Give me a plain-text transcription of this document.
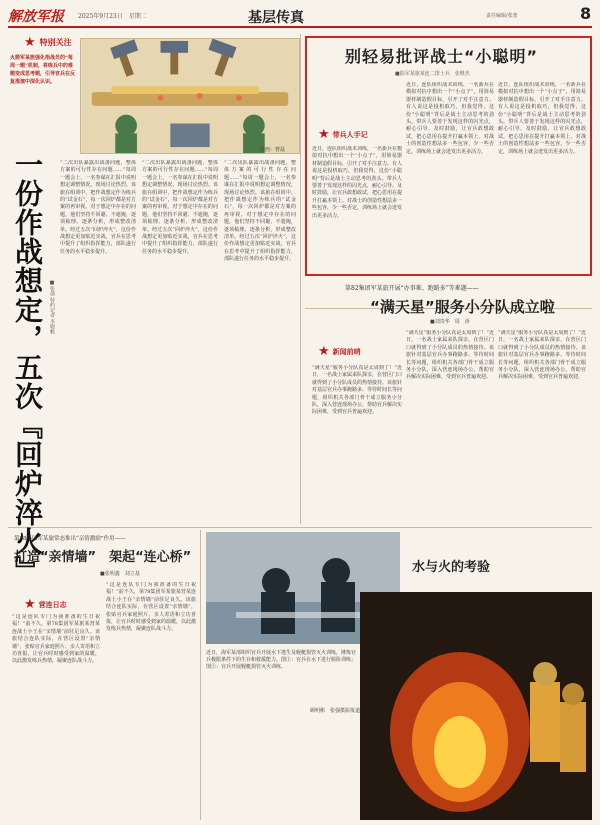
解放军报 2025年9月23日　星期二	基层传真	责任编辑/张蕾	8
★ 特别关注
火箭军某旅强化指战员的“每周一题”机制，将练兵中的难题变成思考题，引导官兵在反复推演中深化认识。
漫画：曹磊
一份作战想定，五次『回炉淬火』	■张倩 特约记者 李晓帆
“二次出队暴露出战备问题，整体方案的可行性存在问题……”每周一题会上，一名参谋在汇报中说明想定调整情况，现场讨论热烈。该旅在组训中，把作战想定作为练兵的“试金石”，每一次回炉都是对方案的再审视。对于想定中存在的问题，他们坚持不回避、不遮掩，逐项梳理、逐条分析，形成整改清单。经过五次“回炉淬火”，这份作战想定更加贴近实战，官兵在思考中提升了组织指挥能力，部队遂行任务的水平稳步提升。
“二次出队暴露出战备问题，整体方案的可行性存在问题……”每周一题会上，一名参谋在汇报中说明想定调整情况，现场讨论热烈。该旅在组训中，把作战想定作为练兵的“试金石”，每一次回炉都是对方案的再审视。对于想定中存在的问题，他们坚持不回避、不遮掩，逐项梳理、逐条分析，形成整改清单。经过五次“回炉淬火”，这份作战想定更加贴近实战，官兵在思考中提升了组织指挥能力，部队遂行任务的水平稳步提升。
“二次出队暴露出战备问题，整体方案的可行性存在问题……”每周一题会上，一名参谋在汇报中说明想定调整情况，现场讨论热烈。该旅在组训中，把作战想定作为练兵的“试金石”，每一次回炉都是对方案的再审视。对于想定中存在的问题，他们坚持不回避、不遮掩，逐项梳理、逐条分析，形成整改清单。经过五次“回炉淬火”，这份作战想定更加贴近实战，官兵在思考中提升了组织指挥能力，部队遂行任务的水平稳步提升。
别轻易批评战士“小聪明”
■陆军某旅某连二排士兵　张继杰
★ 带兵人手记
近日，连队组织战术训练，一名新兵在模拟对抗中想出一个“小点子”，用简易器材制造假目标，引开了对手注意力。有人说这是投机取巧，但我觉得，这份“小聪明”背后是战士主动思考的劲头。带兵人要善于发现这样的闪光点，耐心引导、及时鼓励，让官兵敢想敢试，把心思用在提升打赢本领上。对战士的创造性想法多一些包容，少一些否定，训练场上就会迸发出更多活力。
近日，连队组织战术训练，一名新兵在模拟对抗中想出一个“小点子”，用简易器材制造假目标，引开了对手注意力。有人说这是投机取巧，但我觉得，这份“小聪明”背后是战士主动思考的劲头。带兵人要善于发现这样的闪光点，耐心引导、及时鼓励，让官兵敢想敢试，把心思用在提升打赢本领上。对战士的创造性想法多一些包容，少一些否定，训练场上就会迸发出更多活力。
近日，连队组织战术训练，一名新兵在模拟对抗中想出一个“小点子”，用简易器材制造假目标，引开了对手注意力。有人说这是投机取巧，但我觉得，这份“小聪明”背后是战士主动思考的劲头。带兵人要善于发现这样的闪光点，耐心引导、及时鼓励，让官兵敢想敢试，把心思用在提升打赢本领上。对战士的创造性想法多一些包容，少一些否定，训练场上就会迸发出更多活力。
第82集团军某旅开展“办事难、跑路多”等难题——
“满天星”服务小分队成立啦
■刘贵华　周　涛
★ 新闻前哨
“满天星”服务小分队真是太周到了！”近日，一名战士家属来队探亲，在营区门口就得到了小分队成员的热情接待。该旅针对基层官兵办事跑路多、等待时间长等问题，组织机关各部门骨干成立服务小分队，深入营连现场办公，帮助官兵解决实际困难，受到官兵普遍欢迎。
“满天星”服务小分队真是太周到了！”近日，一名战士家属来队探亲，在营区门口就得到了小分队成员的热情接待。该旅针对基层官兵办事跑路多、等待时间长等问题，组织机关各部门骨干成立服务小分队，深入营连现场办公，帮助官兵解决实际困难，受到官兵普遍欢迎。
“满天星”服务小分队真是太周到了！”近日，一名战士家属来队探亲，在营区门口就得到了小分队成员的热情接待。该旅针对基层官兵办事跑路多、等待时间长等问题，组织机关各部门骨干成立服务小分队，深入营连现场办公，帮助官兵解决实际困难，受到官兵普遍欢迎。
第78集团军某旅常态推出“亲情激励”作用——
打造“亲情墙”　架起“连心桥”
■张明鑫　刘立基
★ 营连日志
“这是连队专门为我准备的生日祝福！”前不久，第78集团军某旅某营某连战士小王在“亲情墙”前驻足良久。该旅结合连队实际，在营区设置“亲情墙”，张贴官兵家庭照片、亲人寄语和立功喜报，让官兵时时感受到家的温暖，以此激发练兵热情，凝聚连队战斗力。
“这是连队专门为我准备的生日祝福！”前不久，第78集团军某旅某营某连战士小王在“亲情墙”前驻足良久。该旅结合连队实际，在营区设置“亲情墙”，张贴官兵家庭照片、亲人寄语和立功喜报，让官兵时时感受到家的温暖，以此激发练兵热情，凝聚连队战斗力。
水与火的考验
近日，海军某部组织官兵开展水下逃生及舰艇损管灭火训练，锤炼官兵极限条件下的生存和救援能力。图①：官兵在水下进行脱险训练；图②：官兵开展舰艇损管灭火训练。
顾明彬　张强摄影报道
